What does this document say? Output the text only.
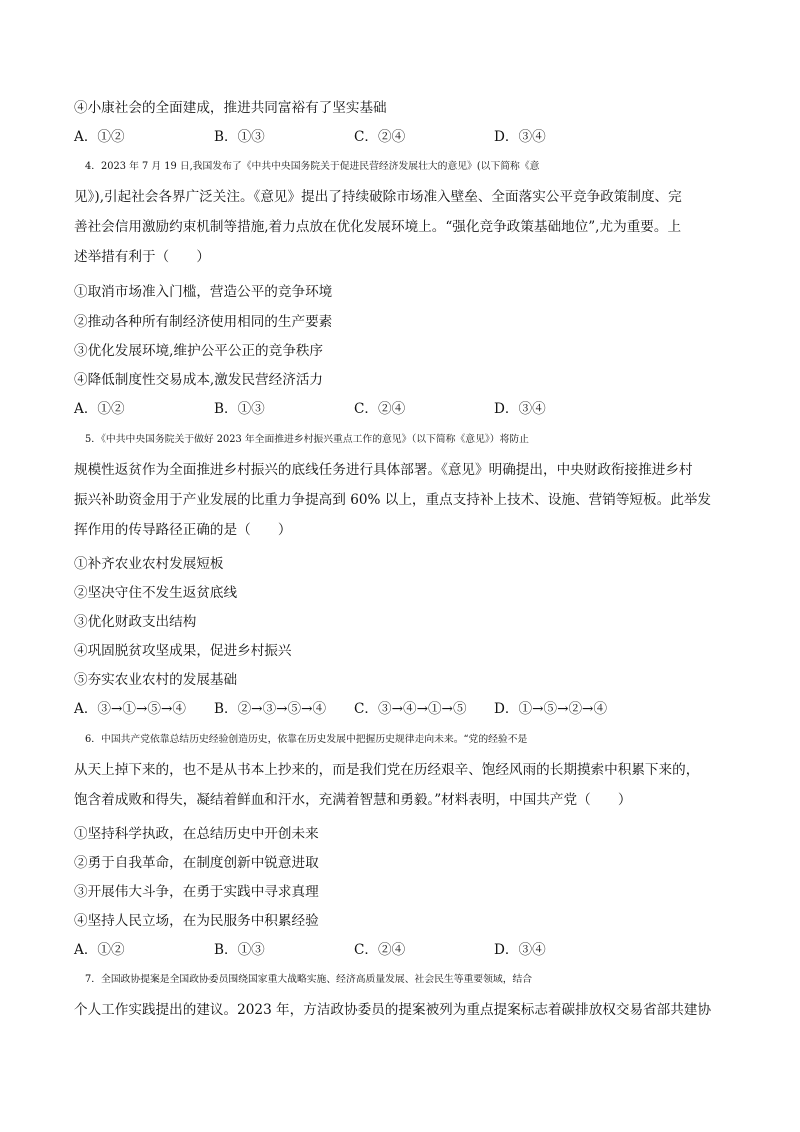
④小康社会的全面建成，推进共同富裕有了坚实基础
A．①②	B．①③	C．②④	D．③④
4．2023 年 7 月 19 日,我国发布了《中共中央国务院关于促进民营经济发展壮大的意见》(以下简称《意
见》),引起社会各界广泛关注。《意见》提出了持续破除市场准入壁垒、全面落实公平竞争政策制度、完
善社会信用激励约束机制等措施,着力点放在优化发展环境上。“强化竞争政策基础地位”,尤为重要。上
述举措有利于（　　）
①取消市场准入门槛，营造公平的竞争环境
②推动各种所有制经济使用相同的生产要素
③优化发展环境,维护公平公正的竞争秩序
④降低制度性交易成本,激发民营经济活力
A．①②	B．①③	C．②④	D．③④
5．《中共中央国务院关于做好 2023 年全面推进乡村振兴重点工作的意见》（以下简称《意见》）将防止
规模性返贫作为全面推进乡村振兴的底线任务进行具体部署。《意见》明确提出，中央财政衔接推进乡村
振兴补助资金用于产业发展的比重力争提高到 60% 以上，重点支持补上技术、设施、营销等短板。此举发
挥作用的传导路径正确的是（　　）
①补齐农业农村发展短板
②坚决守住不发生返贫底线
③优化财政支出结构
④巩固脱贫攻坚成果，促进乡村振兴
⑤夯实农业农村的发展基础
A．③→①→⑤→④ B．②→③→⑤→④ C．③→④→①→⑤ D．①→⑤→②→④
6．中国共产党依靠总结历史经验创造历史，依靠在历史发展中把握历史规律走向未来。“党的经验不是
从天上掉下来的，也不是从书本上抄来的，而是我们党在历经艰辛、饱经风雨的长期摸索中积累下来的，
饱含着成败和得失，凝结着鲜血和汗水，充满着智慧和勇毅。”材料表明，中国共产党（　　）
①坚持科学执政，在总结历史中开创未来
②勇于自我革命，在制度创新中锐意进取
③开展伟大斗争，在勇于实践中寻求真理
④坚持人民立场，在为民服务中积累经验
A．①②	B．①③	C．②④	D．③④
7．全国政协提案是全国政协委员围绕国家重大战略实施、经济高质量发展、社会民生等重要领域，结合
个人工作实践提出的建议。2023 年，方洁政协委员的提案被列为重点提案标志着碳排放权交易省部共建协
